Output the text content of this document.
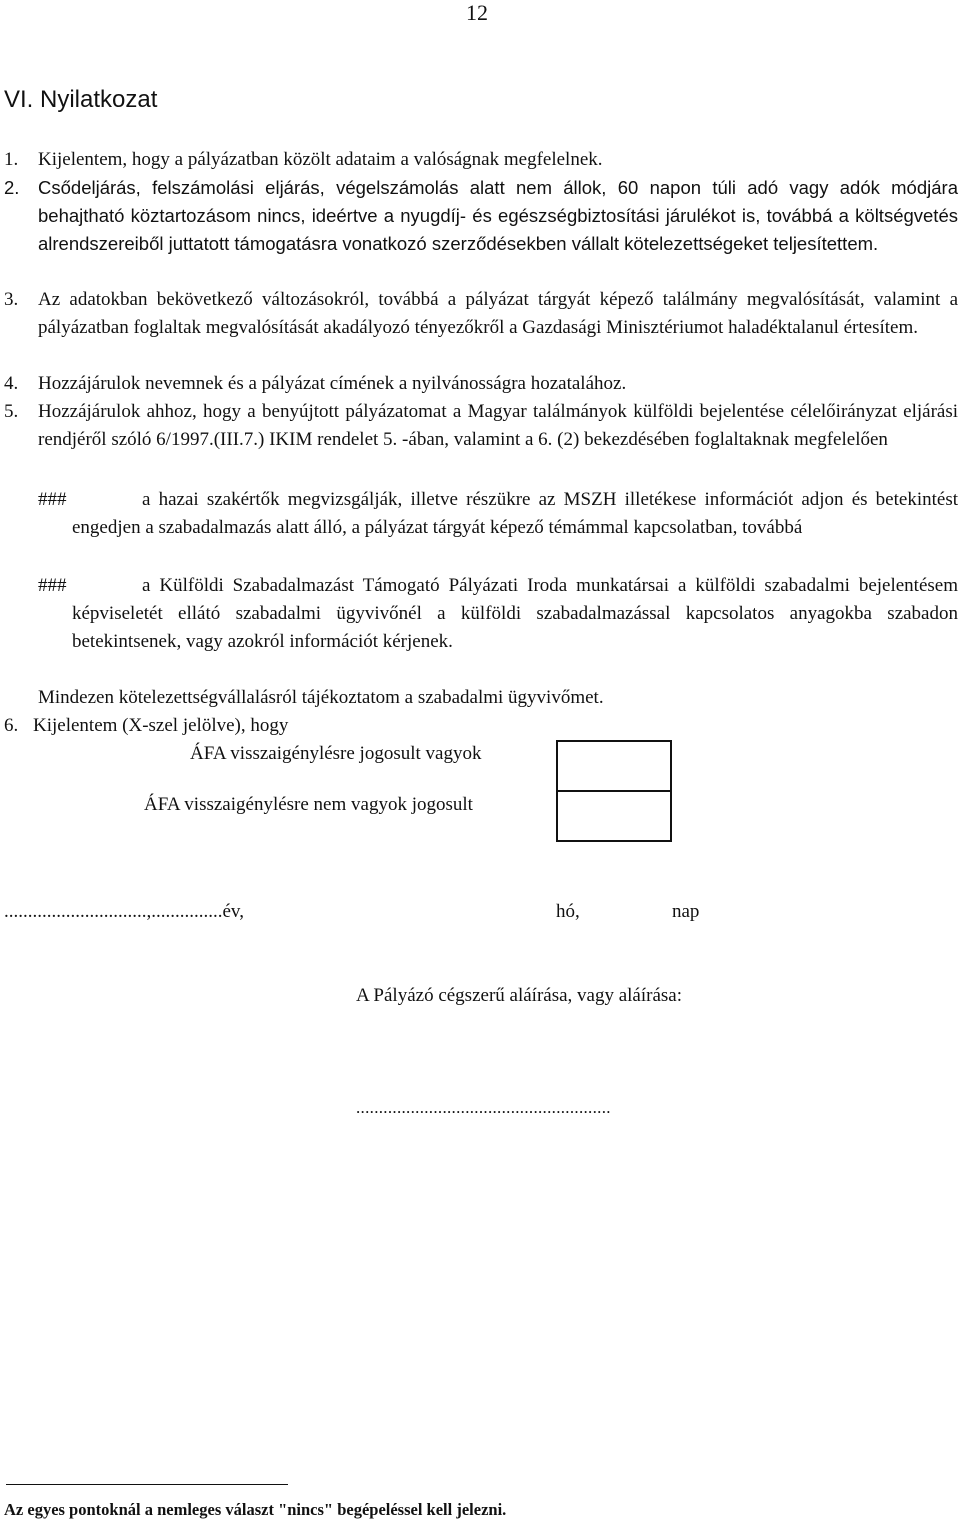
12
VI. Nyilatkozat
1. Kijelentem, hogy a pályázatban közölt adataim a valóságnak megfelelnek.
2. Csődeljárás, felszámolási eljárás, végelszámolás alatt nem állok, 60 napon túli adó vagy adók módjára behajtható köztartozásom nincs, ideértve a nyugdíj- és egészségbiztosítási járulékot is, továbbá a költségvetés alrendszereiből juttatott támogatásra vonatkozó szerződésekben vállalt kötelezettségeket teljesítettem.
3. Az adatokban bekövetkező változásokról, továbbá a pályázat tárgyát képező találmány megvalósítását, valamint a pályázatban foglaltak megvalósítását akadályozó tényezőkről a Gazdasági Minisztériumot haladéktalanul értesítem.
4. Hozzájárulok nevemnek és a pályázat címének a nyilvánosságra hozatalához.
5. Hozzájárulok ahhoz, hogy a benyújtott pályázatomat a Magyar találmányok külföldi bejelentése célelőirányzat eljárási rendjéről szóló 6/1997.(III.7.) IKIM rendelet 5. -ában, valamint a 6. (2) bekezdésében foglaltaknak megfelelően
###	a hazai szakértők megvizsgálják, illetve részükre az MSZH illetékese információt adjon és betekintést engedjen a szabadalmazás alatt álló, a pályázat tárgyát képező témámmal kapcsolatban, továbbá
###	a Külföldi Szabadalmazást Támogató Pályázati Iroda munkatársai a külföldi szabadalmi bejelentésem képviseletét ellátó szabadalmi ügyvivőnél a külföldi szabadalmazással kapcsolatos anyagokba szabadon betekintsenek, vagy azokról információt kérjenek.
Mindezen kötelezettségvállalásról tájékoztatom a szabadalmi ügyvivőmet.
6. Kijelentem (X-szel jelölve), hogy
ÁFA visszaigénylésre jogosult vagyok
ÁFA visszaigénylésre nem vagyok jogosult
..............................,...............év,	hó,	nap
A Pályázó cégszerű aláírása, vagy aláírása:
........................................................
Az egyes pontoknál a nemleges választ "nincs" begépeléssel kell jelezni.
